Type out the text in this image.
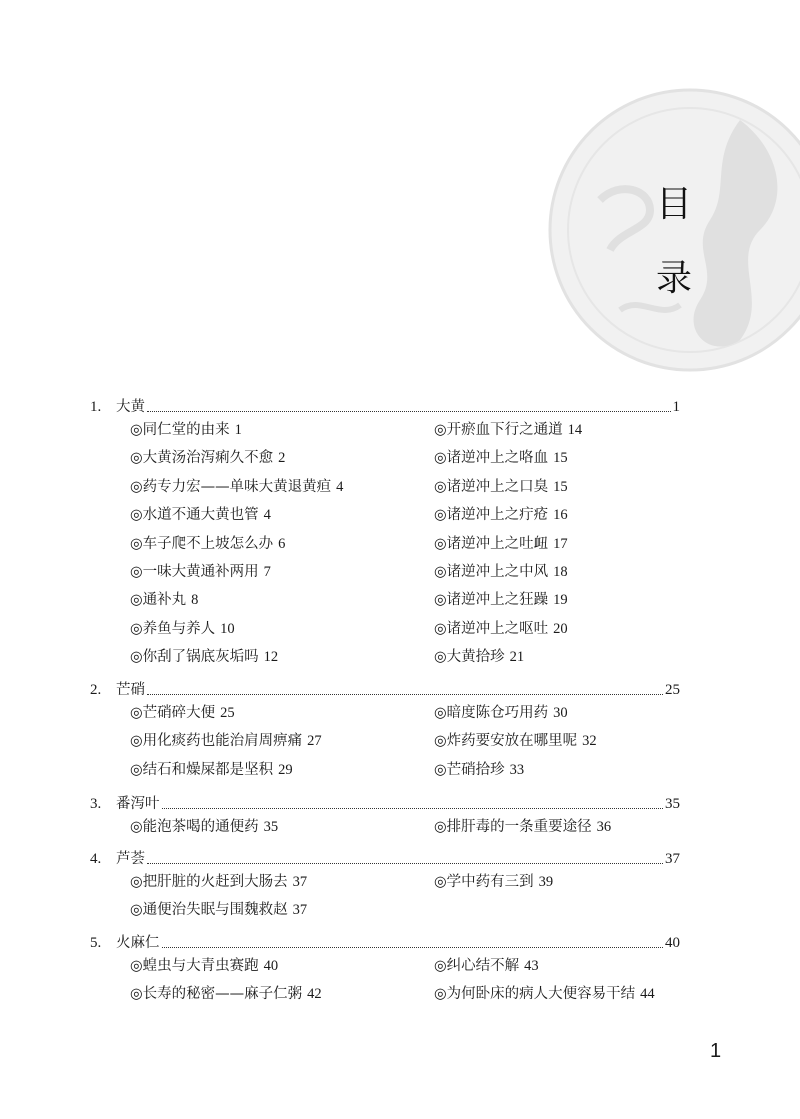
目
录
1.	大黄	1
◎同仁堂的由来 1	◎开瘀血下行之通道 14
◎大黄汤治泻痢久不愈 2	◎诸逆冲上之咯血 15
◎药专力宏——单味大黄退黄疸 4	◎诸逆冲上之口臭 15
◎水道不通大黄也管 4	◎诸逆冲上之疔疮 16
◎车子爬不上坡怎么办 6	◎诸逆冲上之吐衄 17
◎一味大黄通补两用 7	◎诸逆冲上之中风 18
◎通补丸 8	◎诸逆冲上之狂躁 19
◎养鱼与养人 10	◎诸逆冲上之呕吐 20
◎你刮了锅底灰垢吗 12	◎大黄拾珍 21
2.	芒硝	25
◎芒硝碎大便 25	◎暗度陈仓巧用药 30
◎用化痰药也能治肩周痹痛 27	◎炸药要安放在哪里呢 32
◎结石和燥屎都是坚积 29	◎芒硝拾珍 33
3.	番泻叶	35
◎能泡茶喝的通便药 35	◎排肝毒的一条重要途径 36
4.	芦荟	37
◎把肝脏的火赶到大肠去 37	◎学中药有三到 39
◎通便治失眠与围魏救赵 37
5.	火麻仁	40
◎蝗虫与大青虫赛跑 40	◎纠心结不解 43
◎长寿的秘密——麻子仁粥 42	◎为何卧床的病人大便容易干结 44
1
